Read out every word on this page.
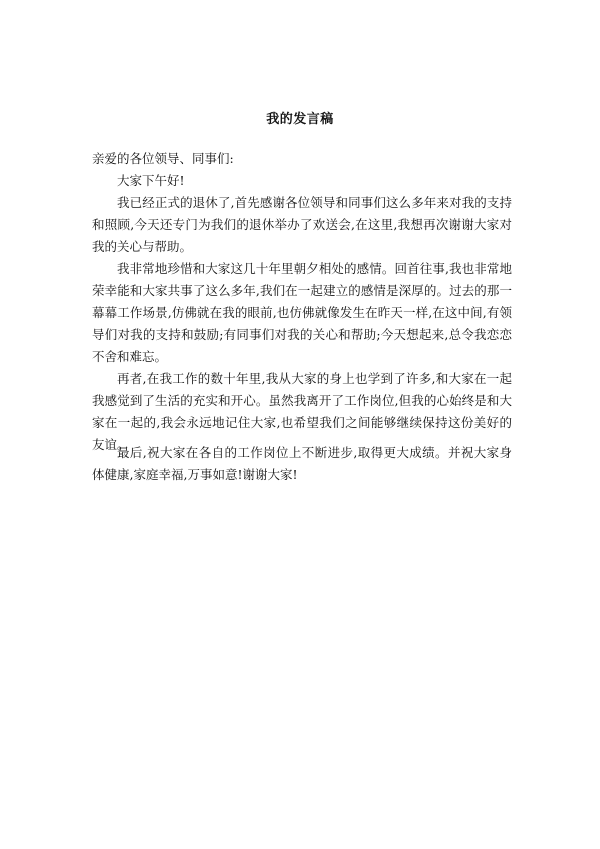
我的发言稿
亲爱的各位领导、同事们:
大家下午好!
我已经正式的退休了,首先感谢各位领导和同事们这么多年来对我的支持和照顾,今天还专门为我们的退休举办了欢送会,在这里,我想再次谢谢大家对我的关心与帮助。
我非常地珍惜和大家这几十年里朝夕相处的感情。回首往事,我也非常地荣幸能和大家共事了这么多年,我们在一起建立的感情是深厚的。过去的那一幕幕工作场景,仿佛就在我的眼前,也仿佛就像发生在昨天一样,在这中间,有领导们对我的支持和鼓励;有同事们对我的关心和帮助;今天想起来,总令我恋恋不舍和难忘。
再者,在我工作的数十年里,我从大家的身上也学到了许多,和大家在一起我感觉到了生活的充实和开心。虽然我离开了工作岗位,但我的心始终是和大家在一起的,我会永远地记住大家,也希望我们之间能够继续保持这份美好的友谊。
最后,祝大家在各自的工作岗位上不断进步,取得更大成绩。并祝大家身体健康,家庭幸福,万事如意!谢谢大家!
